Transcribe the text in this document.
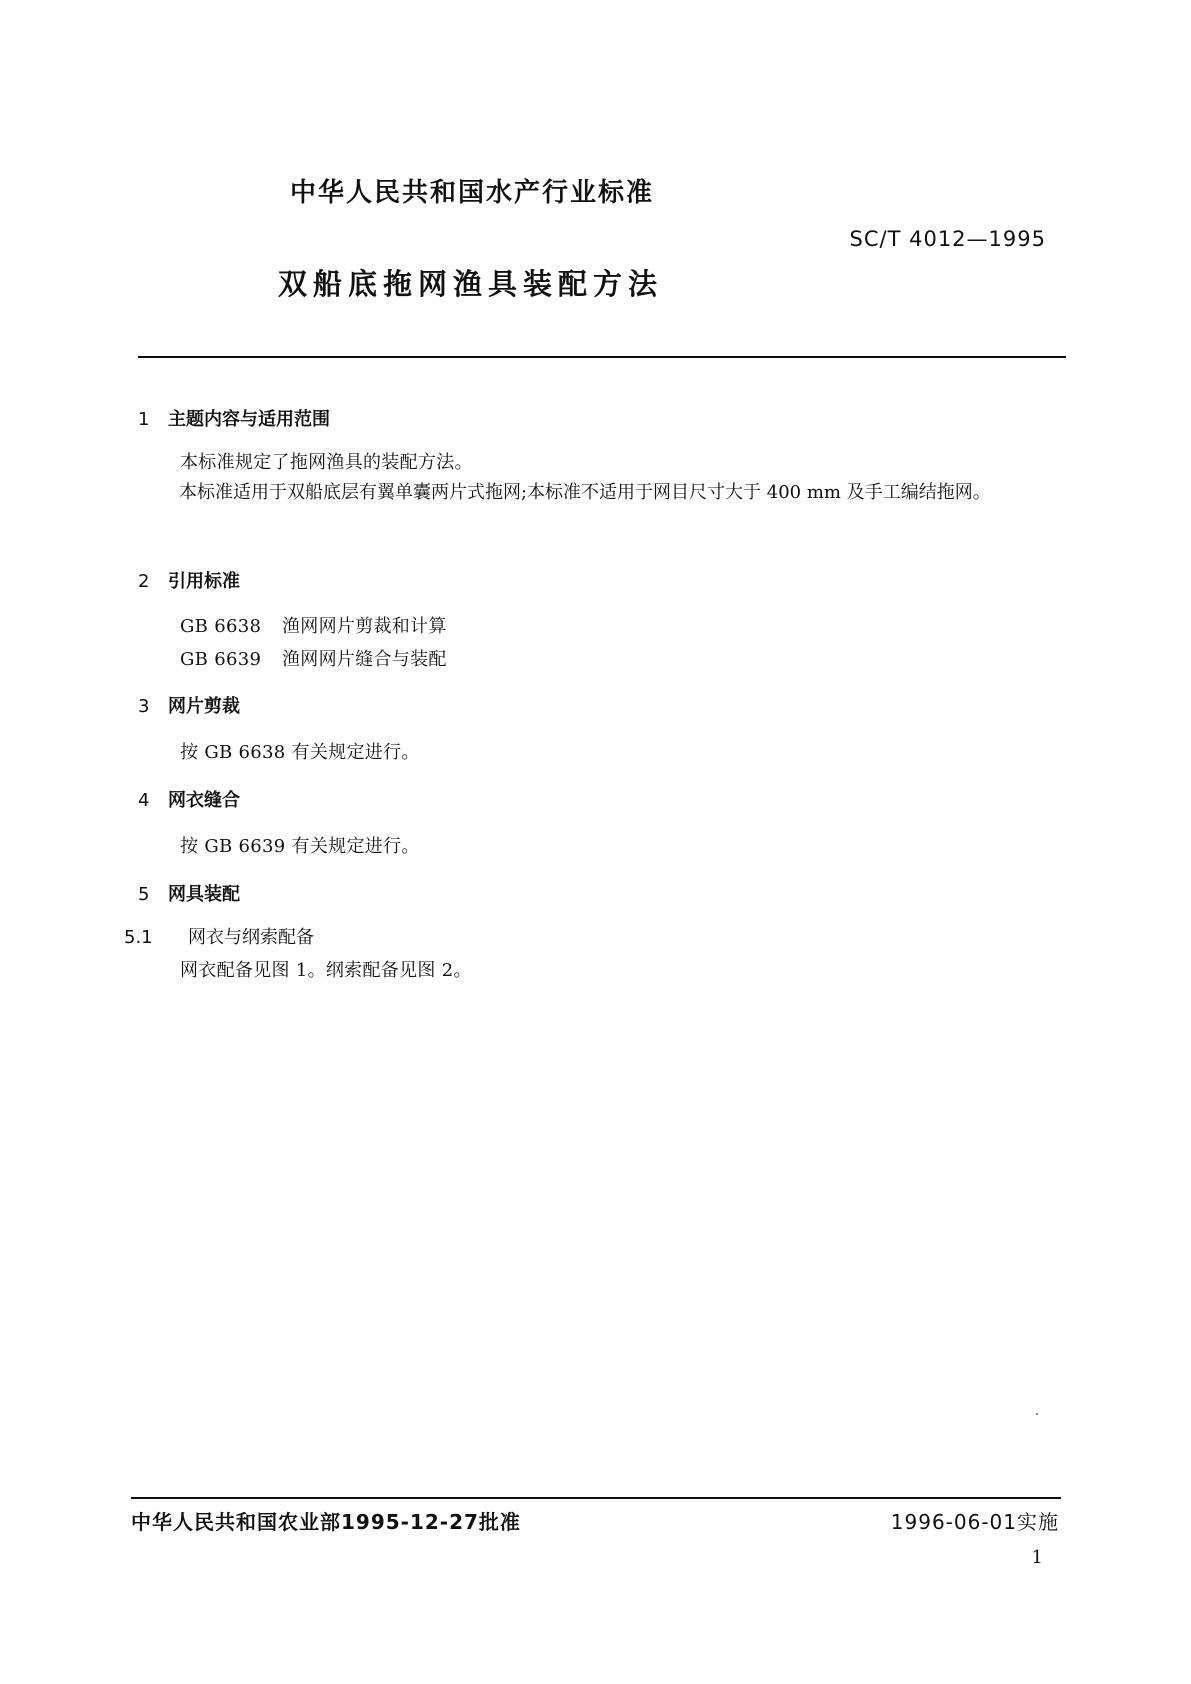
中华人民共和国水产行业标准
SC/T 4012—1995
双船底拖网渔具装配方法
1 主题内容与适用范围
本标准规定了拖网渔具的装配方法。
本标准适用于双船底层有翼单囊两片式拖网;本标准不适用于网目尺寸大于 400 mm 及手工编结拖网。
2 引用标准
GB 6638 渔网网片剪裁和计算
GB 6639 渔网网片缝合与装配
3 网片剪裁
按 GB 6638 有关规定进行。
4 网衣缝合
按 GB 6639 有关规定进行。
5 网具装配
5.1 网衣与纲索配备
网衣配备见图 1。纲索配备见图 2。
中华人民共和国农业部1995-12-27批准	1996-06-01实施
1
